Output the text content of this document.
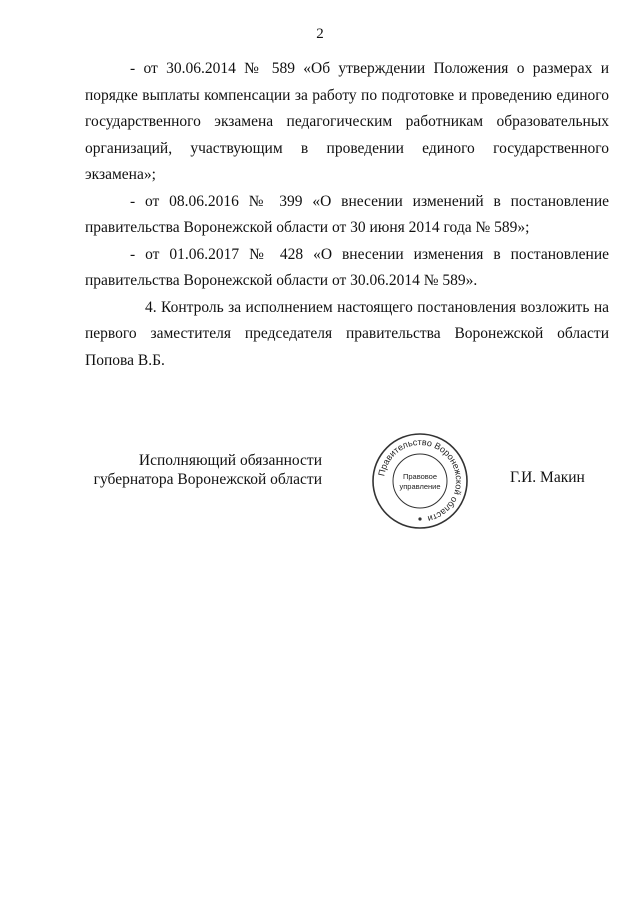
2

- от 30.06.2014 № 589 «Об утверждении Положения о размерах и порядке выплаты компенсации за работу по подготовке и проведению единого государственного экзамена педагогическим работникам образовательных организаций, участвующим в проведении единого государственного экзамена»;

- от 08.06.2016 № 399 «О внесении изменений в постановление правительства Воронежской области от 30 июня 2014 года № 589»;

- от 01.06.2017 № 428 «О внесении изменения в постановление правительства Воронежской области от 30.06.2014 № 589».

4. Контроль за исполнением настоящего постановления возложить на первого заместителя председателя правительства Воронежской области Попова В.Б.

Исполняющий обязанности
губернатора Воронежской области	Правительство Воронежской области
Правовое
управление
Г.И. Макин
